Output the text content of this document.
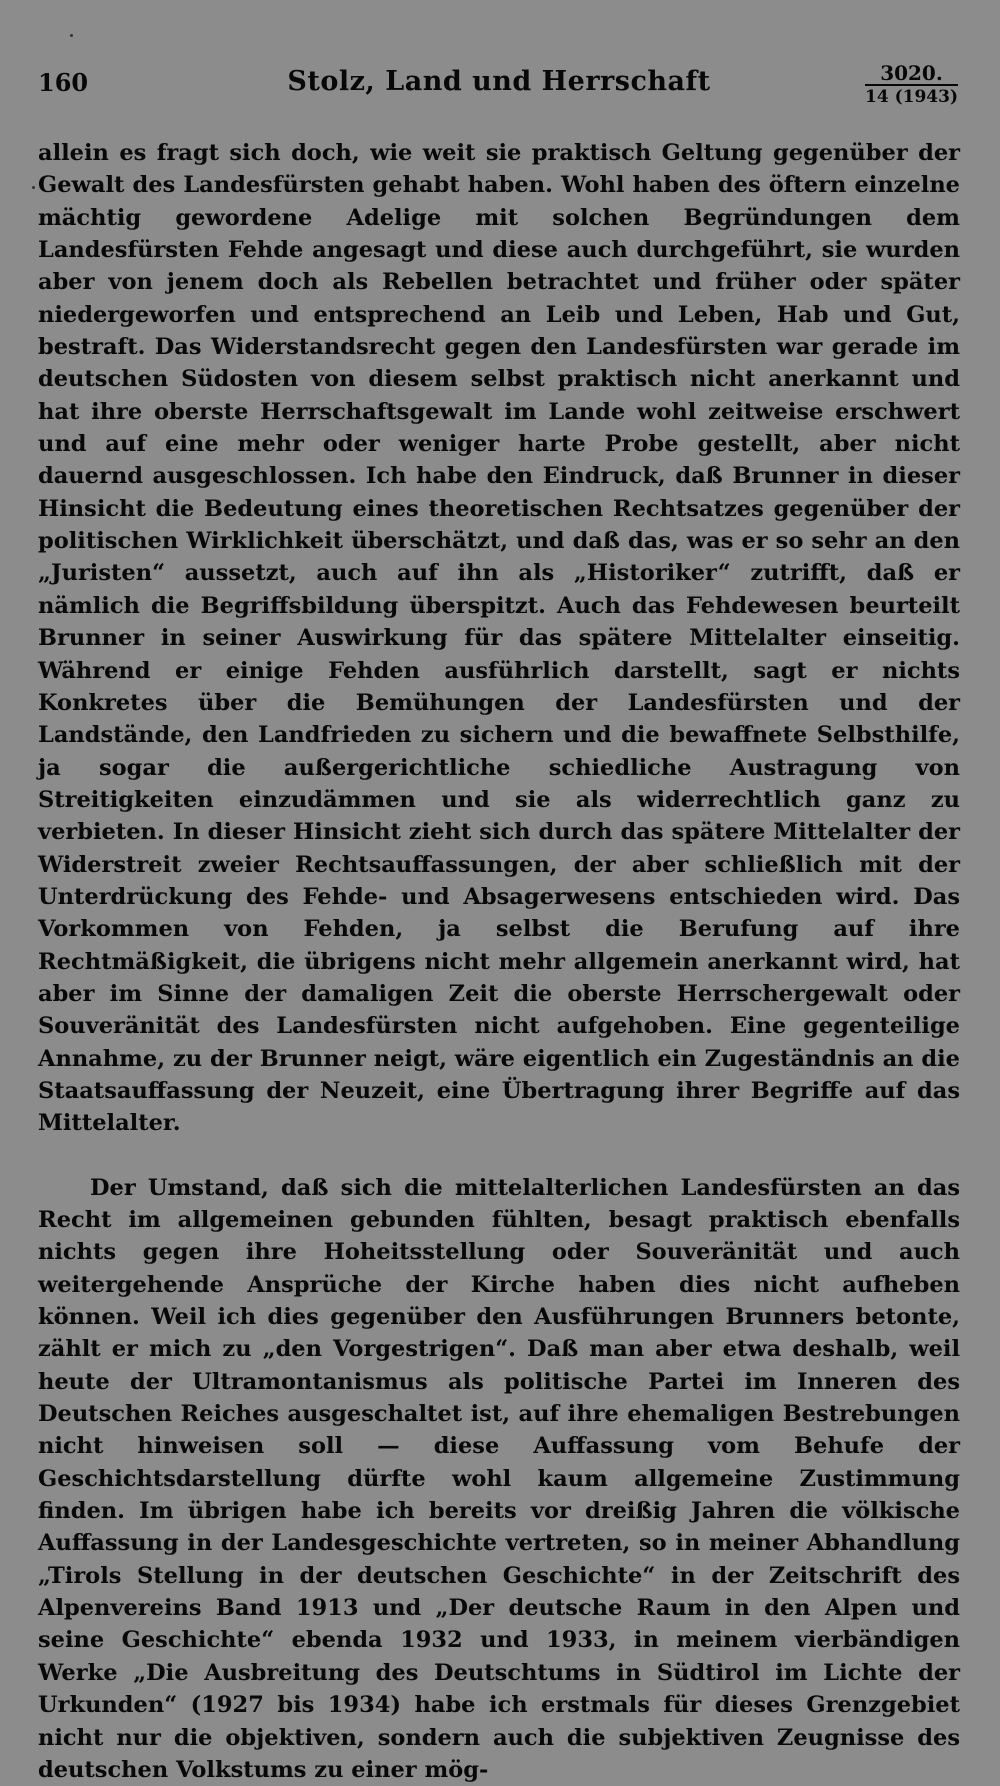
160	Stolz, Land und Herrschaft	3020.
14 (1943)

allein es fragt sich doch, wie weit sie praktisch Geltung gegenüber der Gewalt des Landesfürsten gehabt haben. Wohl haben des öftern einzelne mächtig gewordene Adelige mit solchen Begründungen dem Landesfürsten Fehde angesagt und diese auch durchgeführt, sie wurden aber von jenem doch als Rebellen betrachtet und früher oder später niedergeworfen und entsprechend an Leib und Leben, Hab und Gut, bestraft. Das Widerstandsrecht gegen den Landesfürsten war gerade im deutschen Südosten von diesem selbst praktisch nicht anerkannt und hat ihre oberste Herrschaftsgewalt im Lande wohl zeitweise erschwert und auf eine mehr oder weniger harte Probe gestellt, aber nicht dauernd ausgeschlossen. Ich habe den Eindruck, daß Brunner in dieser Hinsicht die Bedeutung eines theoretischen Rechtsatzes gegenüber der politischen Wirklichkeit überschätzt, und daß das, was er so sehr an den „Juristen“ aussetzt, auch auf ihn als „Historiker“ zutrifft, daß er nämlich die Begriffsbildung überspitzt. Auch das Fehdewesen beurteilt Brunner in seiner Auswirkung für das spätere Mittelalter einseitig. Während er einige Fehden ausführlich darstellt, sagt er nichts Konkretes über die Bemühungen der Landesfürsten und der Landstände, den Landfrieden zu sichern und die bewaffnete Selbsthilfe, ja sogar die außergerichtliche schiedliche Austragung von Streitigkeiten einzudämmen und sie als widerrechtlich ganz zu verbieten. In dieser Hinsicht zieht sich durch das spätere Mittelalter der Widerstreit zweier Rechtsauffassungen, der aber schließlich mit der Unterdrückung des Fehde- und Absagerwesens entschieden wird. Das Vorkommen von Fehden, ja selbst die Berufung auf ihre Rechtmäßigkeit, die übrigens nicht mehr allgemein anerkannt wird, hat aber im Sinne der damaligen Zeit die oberste Herrschergewalt oder Souveränität des Landesfürsten nicht aufgehoben. Eine gegenteilige Annahme, zu der Brunner neigt, wäre eigentlich ein Zugeständnis an die Staatsauffassung der Neuzeit, eine Übertragung ihrer Begriffe auf das Mittelalter.

Der Umstand, daß sich die mittelalterlichen Landesfürsten an das Recht im allgemeinen gebunden fühlten, besagt praktisch ebenfalls nichts gegen ihre Hoheitsstellung oder Souveränität und auch weitergehende Ansprüche der Kirche haben dies nicht aufheben können. Weil ich dies gegenüber den Ausführungen Brunners betonte, zählt er mich zu „den Vorgestrigen“. Daß man aber etwa deshalb, weil heute der Ultramontanismus als politische Partei im Inneren des Deutschen Reiches ausgeschaltet ist, auf ihre ehemaligen Bestrebungen nicht hinweisen soll — diese Auffassung vom Behufe der Geschichtsdarstellung dürfte wohl kaum allgemeine Zustimmung finden. Im übrigen habe ich bereits vor dreißig Jahren die völkische Auffassung in der Landesgeschichte vertreten, so in meiner Abhandlung „Tirols Stellung in der deutschen Geschichte“ in der Zeitschrift des Alpenvereins Band 1913 und „Der deutsche Raum in den Alpen und seine Geschichte“ ebenda 1932 und 1933, in meinem vierbändigen Werke „Die Ausbreitung des Deutschtums in Südtirol im Lichte der Urkunden“ (1927 bis 1934) habe ich erstmals für dieses Grenzgebiet nicht nur die objektiven, sondern auch die subjektiven Zeugnisse des deutschen Volkstums zu einer mög-
